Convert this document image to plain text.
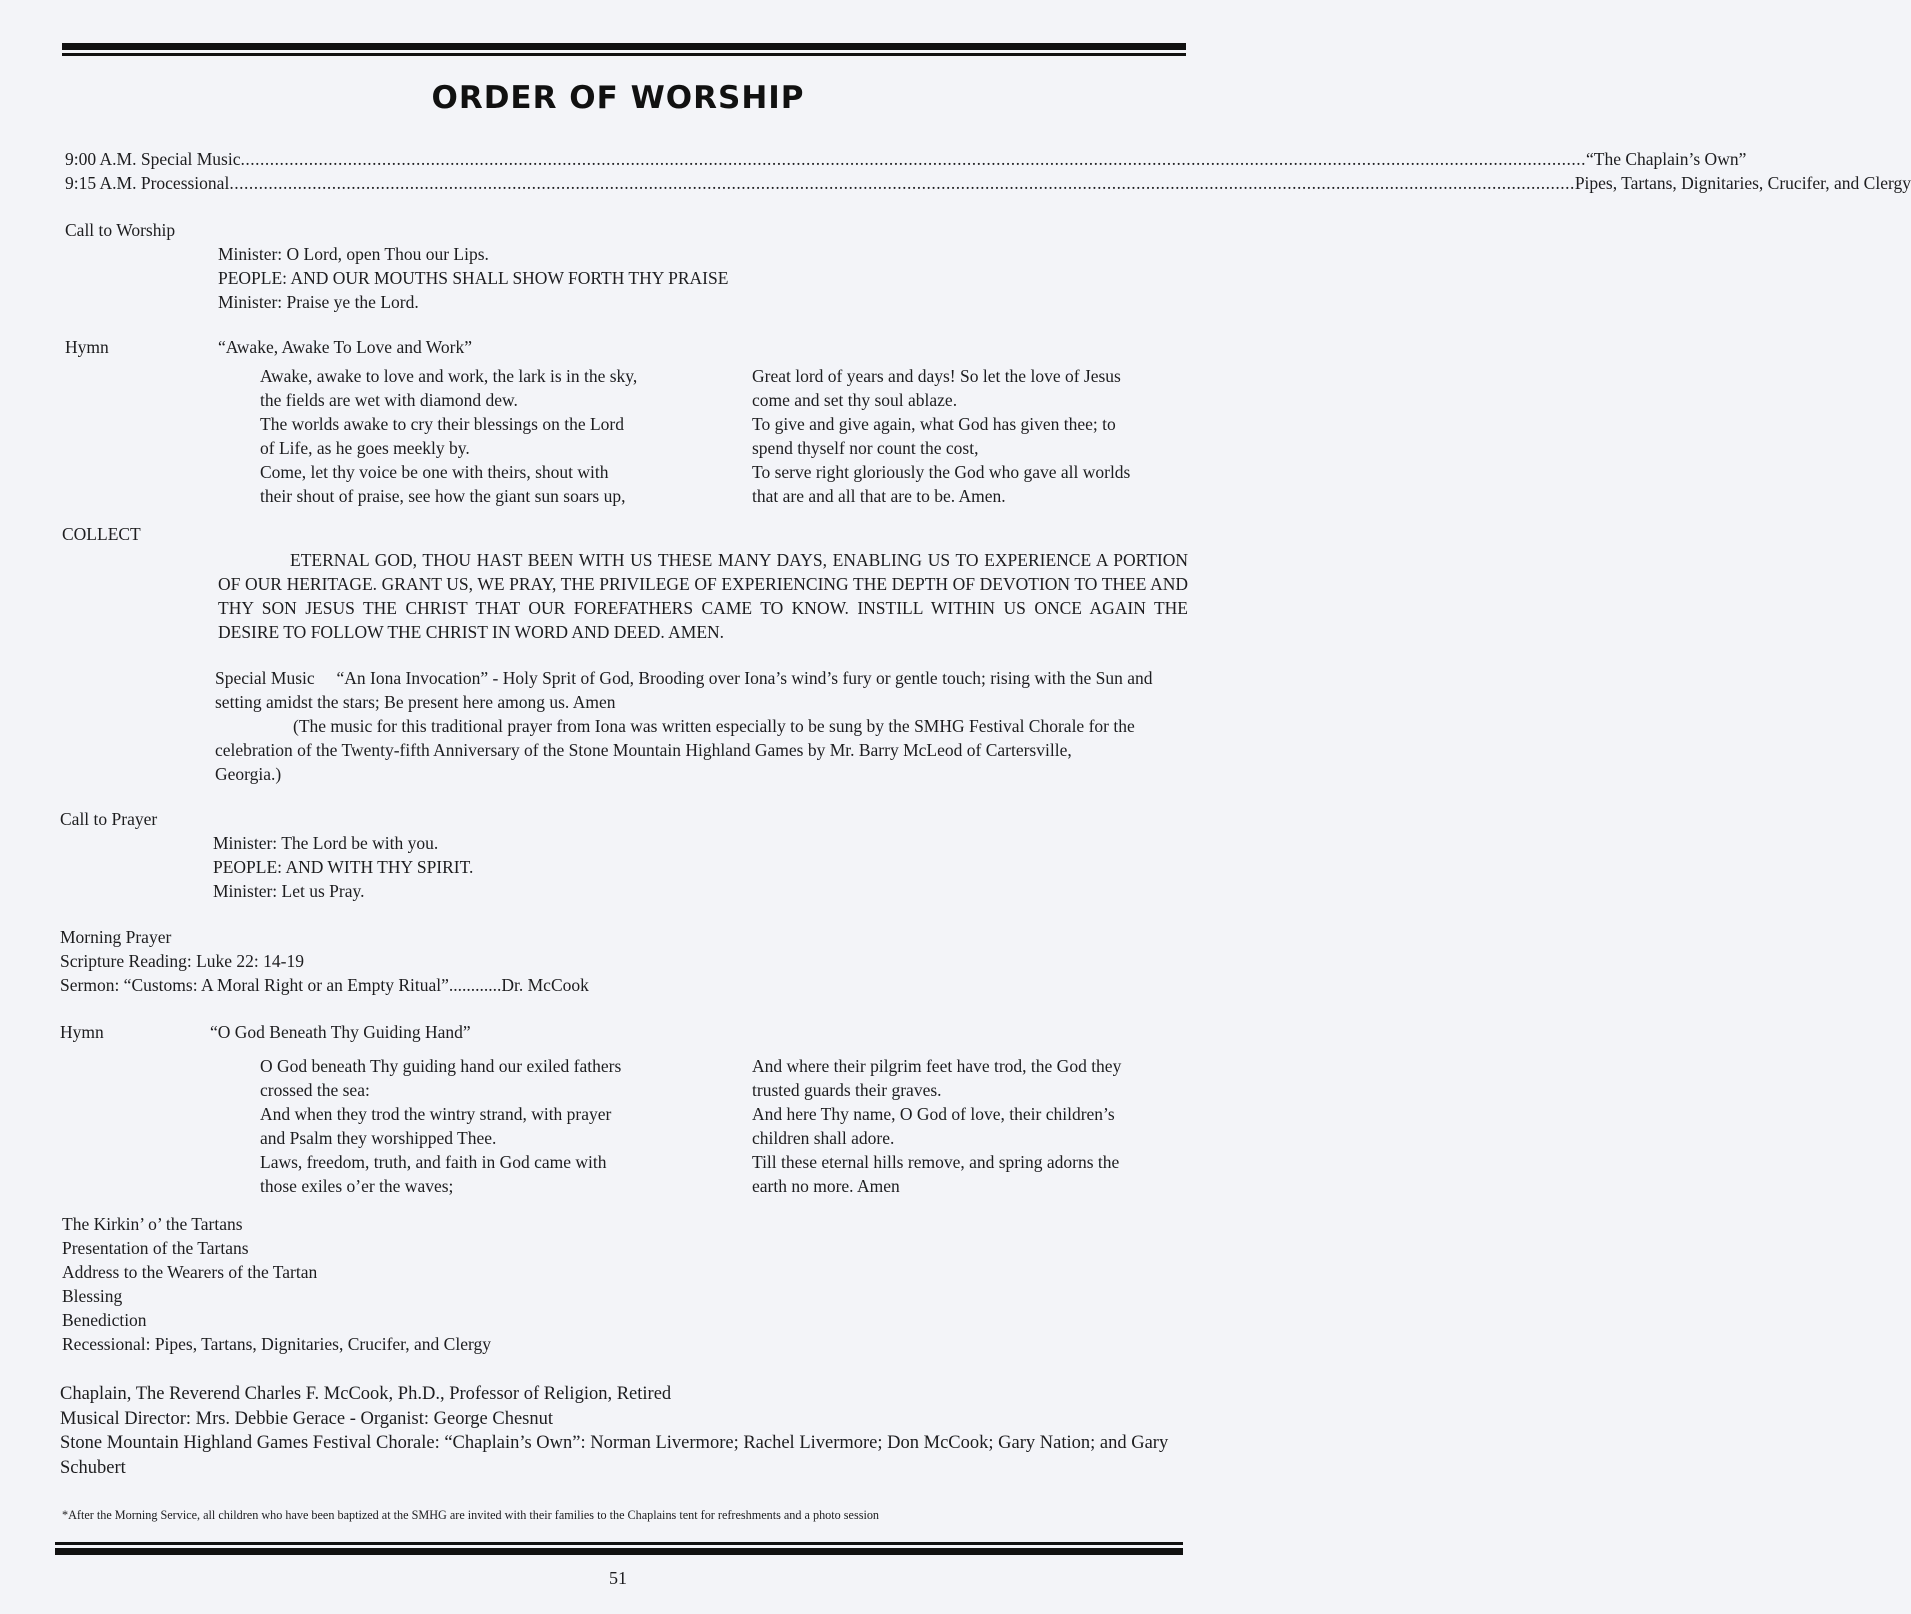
ORDER OF WORSHIP
9:00 A.M. Special Music .................................................................................................................................................................................................................................................................................... “The Chaplain’s Own”
9:15 A.M. Processional .................................................................................................................................................................................................................................................................................... Pipes, Tartans, Dignitaries, Crucifer, and Clergy
Call to Worship
Minister: O Lord, open Thou our Lips.
PEOPLE: AND OUR MOUTHS SHALL SHOW FORTH THY PRAISE
Minister: Praise ye the Lord.
Hymn	“Awake, Awake To Love and Work”
Awake, awake to love and work, the lark is in the sky,
the fields are wet with diamond dew.
The worlds awake to cry their blessings on the Lord
of Life, as he goes meekly by.
Come, let thy voice be one with theirs, shout with
their shout of praise, see how the giant sun soars up,
Great lord of years and days! So let the love of Jesus
come and set thy soul ablaze.
To give and give again, what God has given thee; to
spend thyself nor count the cost,
To serve right gloriously the God who gave all worlds
that are and all that are to be. Amen.
COLLECT
ETERNAL GOD, THOU HAST BEEN WITH US THESE MANY DAYS, ENABLING US TO EXPERIENCE A PORTION OF OUR HERITAGE. GRANT US, WE PRAY, THE PRIVILEGE OF EXPERIENCING THE DEPTH OF DEVOTION TO THEE AND THY SON JESUS THE CHRIST THAT OUR FOREFATHERS CAME TO KNOW. INSTILL WITHIN US ONCE AGAIN THE DESIRE TO FOLLOW THE CHRIST IN WORD AND DEED. AMEN.
Special Music     “An Iona Invocation” - Holy Sprit of God, Brooding over Iona’s wind’s fury or gentle touch; rising with the Sun and setting amidst the stars; Be present here among us. Amen
(The music for this traditional prayer from Iona was written especially to be sung by the SMHG Festival Chorale for the celebration of the Twenty-fifth Anniversary of the Stone Mountain Highland Games by Mr. Barry McLeod of Cartersville, Georgia.)
Call to Prayer
Minister: The Lord be with you.
PEOPLE: AND WITH THY SPIRIT.
Minister: Let us Pray.
Morning Prayer
Scripture Reading: Luke 22: 14-19
Sermon: “Customs: A Moral Right or an Empty Ritual”............Dr. McCook
Hymn	“O God Beneath Thy Guiding Hand”
O God beneath Thy guiding hand our exiled fathers
crossed the sea:
And when they trod the wintry strand, with prayer
and Psalm they worshipped Thee.
Laws, freedom, truth, and faith in God came with
those exiles o’er the waves;
And where their pilgrim feet have trod, the God they
trusted guards their graves.
And here Thy name, O God of love, their children’s
children shall adore.
Till these eternal hills remove, and spring adorns the
earth no more. Amen
The Kirkin’ o’ the Tartans
Presentation of the Tartans
Address to the Wearers of the Tartan
Blessing
Benediction
Recessional: Pipes, Tartans, Dignitaries, Crucifer, and Clergy
Chaplain, The Reverend Charles F. McCook, Ph.D., Professor of Religion, Retired
Musical Director: Mrs. Debbie Gerace - Organist: George Chesnut
Stone Mountain Highland Games Festival Chorale: “Chaplain’s Own”: Norman Livermore; Rachel Livermore; Don McCook; Gary Nation; and Gary Schubert
*After the Morning Service, all children who have been baptized at the SMHG are invited with their families to the Chaplains tent for refreshments and a photo session
51
